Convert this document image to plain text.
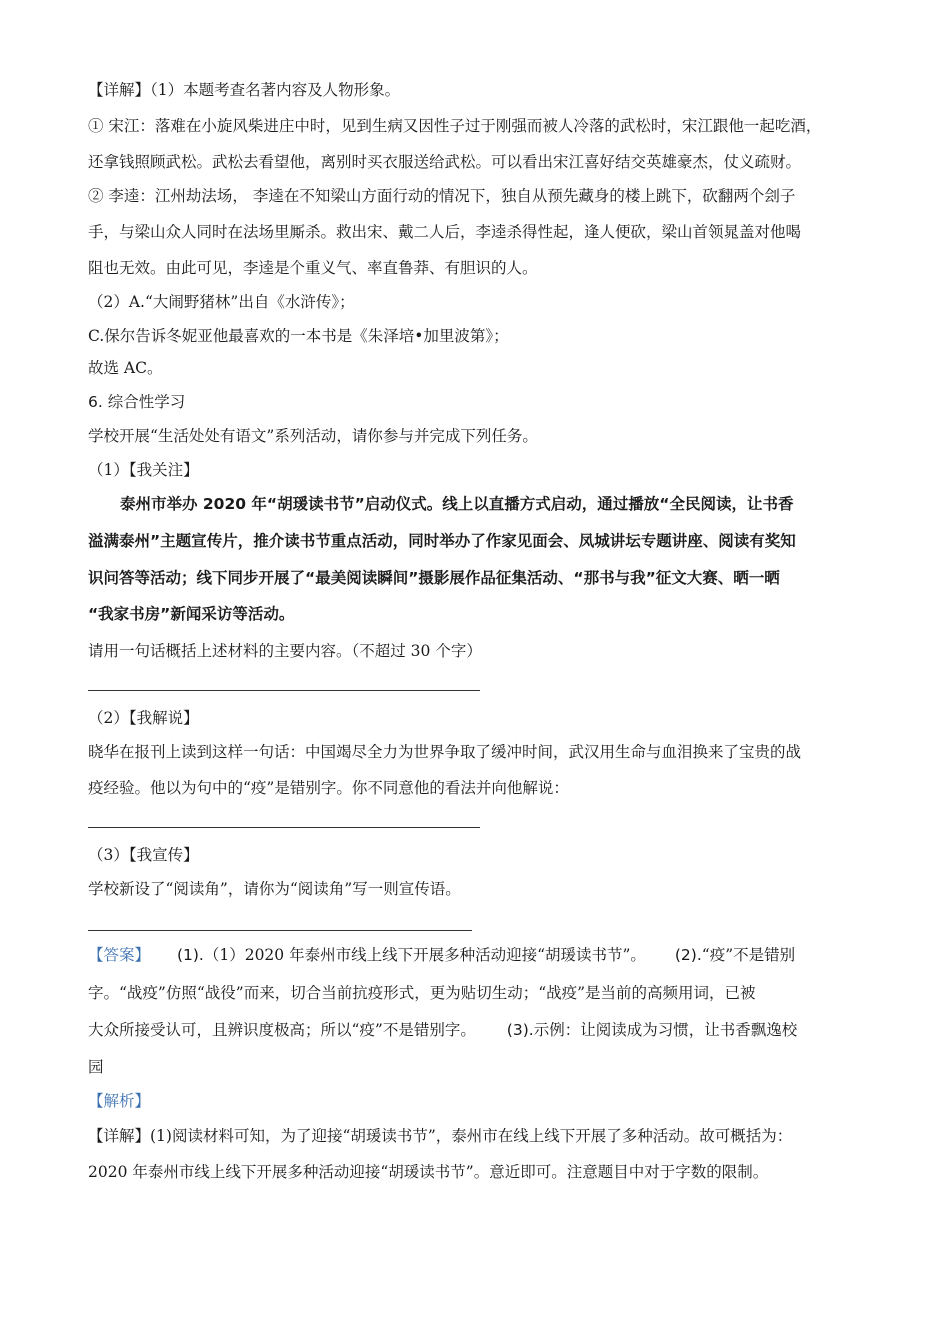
【详解】（1）本题考查名著内容及人物形象。
① 宋江：落难在小旋风柴进庄中时，见到生病又因性子过于刚强而被人冷落的武松时，宋江跟他一起吃酒，
还拿钱照顾武松。武松去看望他，离别时买衣服送给武松。可以看出宋江喜好结交英雄豪杰，仗义疏财。
② 李逵：江州劫法场， 李逵在不知梁山方面行动的情况下，独自从预先藏身的楼上跳下，砍翻两个刽子
手，与梁山众人同时在法场里厮杀。救出宋、戴二人后，李逵杀得性起，逢人便砍，梁山首领晁盖对他喝
阻也无效。由此可见，李逵是个重义气、率直鲁莽、有胆识的人。
（2）A.“大闹野猪林”出自《水浒传》；
C.保尔告诉冬妮亚他最喜欢的一本书是《朱泽培•加里波第》；
故选 AC。
6. 综合性学习
学校开展“生活处处有语文”系列活动，请你参与并完成下列任务。
（1）【我关注】
泰州市举办 2020 年“胡瑗读书节”启动仪式。线上以直播方式启动，通过播放“全民阅读，让书香
溢满泰州”主题宣传片，推介读书节重点活动，同时举办了作家见面会、凤城讲坛专题讲座、阅读有奖知
识问答等活动；线下同步开展了“最美阅读瞬间”摄影展作品征集活动、“那书与我”征文大赛、晒一晒
“我家书房”新闻采访等活动。
请用一句话概括上述材料的主要内容。（不超过 30 个字）
（2）【我解说】
晓华在报刊上读到这样一句话：中国竭尽全力为世界争取了缓冲时间，武汉用生命与血泪换来了宝贵的战
疫经验。他以为句中的“疫”是错别字。你不同意他的看法并向他解说：
（3）【我宣传】
学校新设了“阅读角”，请你为“阅读角”写一则宣传语。
【答案】 (1).（1）2020 年泰州市线上线下开展多种活动迎接“胡瑗读书节”。 (2).“疫”不是错别
字。“战疫”仿照“战役”而来，切合当前抗疫形式，更为贴切生动；“战疫”是当前的高频用词，已被
大众所接受认可，且辨识度极高；所以“疫”不是错别字。 (3).示例：让阅读成为习惯，让书香飘逸校
园
【解析】
【详解】(1)阅读材料可知，为了迎接“胡瑗读书节”，泰州市在线上线下开展了多种活动。故可概括为：
2020 年泰州市线上线下开展多种活动迎接“胡瑗读书节”。意近即可。注意题目中对于字数的限制。
